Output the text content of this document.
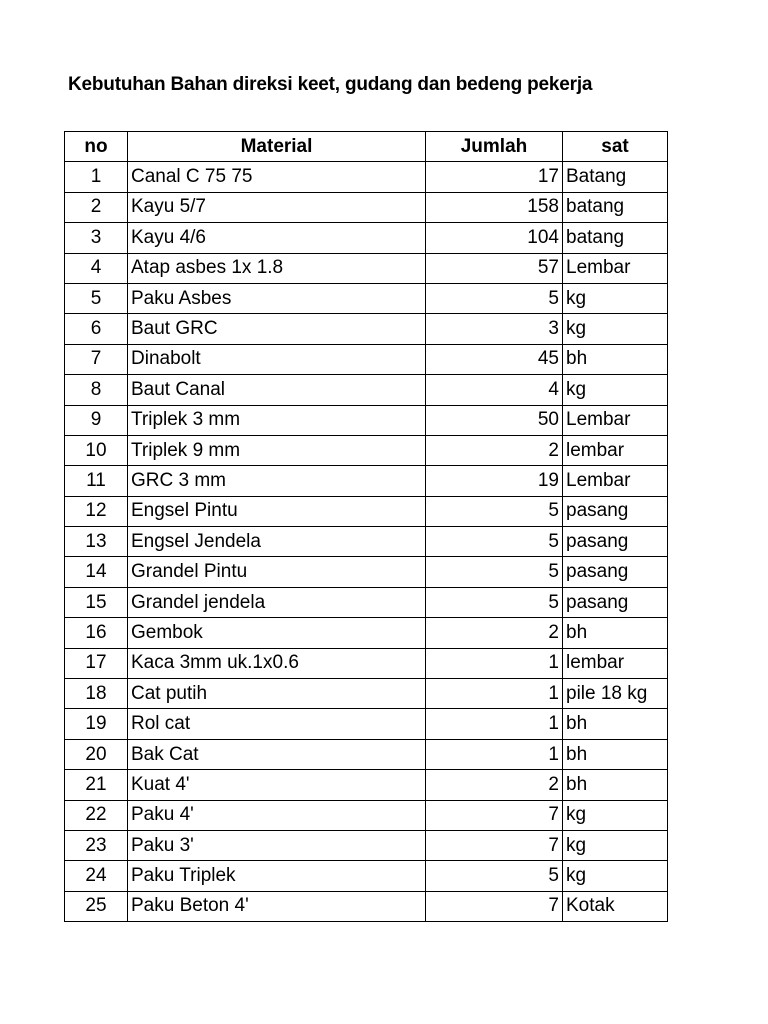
Kebutuhan Bahan direksi keet, gudang dan bedeng pekerja
no	Material	Jumlah	sat
1	Canal C 75 75	17	Batang
2	Kayu 5/7	158	batang
3	Kayu 4/6	104	batang
4	Atap asbes 1x 1.8	57	Lembar
5	Paku Asbes	5	kg
6	Baut GRC	3	kg
7	Dinabolt	45	bh
8	Baut Canal	4	kg
9	Triplek 3 mm	50	Lembar
10	Triplek 9 mm	2	lembar
11	GRC 3 mm	19	Lembar
12	Engsel Pintu	5	pasang
13	Engsel Jendela	5	pasang
14	Grandel Pintu	5	pasang
15	Grandel jendela	5	pasang
16	Gembok	2	bh
17	Kaca 3mm uk.1x0.6	1	lembar
18	Cat putih	1	pile 18 kg
19	Rol cat	1	bh
20	Bak Cat	1	bh
21	Kuat 4'	2	bh
22	Paku 4'	7	kg
23	Paku 3'	7	kg
24	Paku Triplek	5	kg
25	Paku Beton 4'	7	Kotak
